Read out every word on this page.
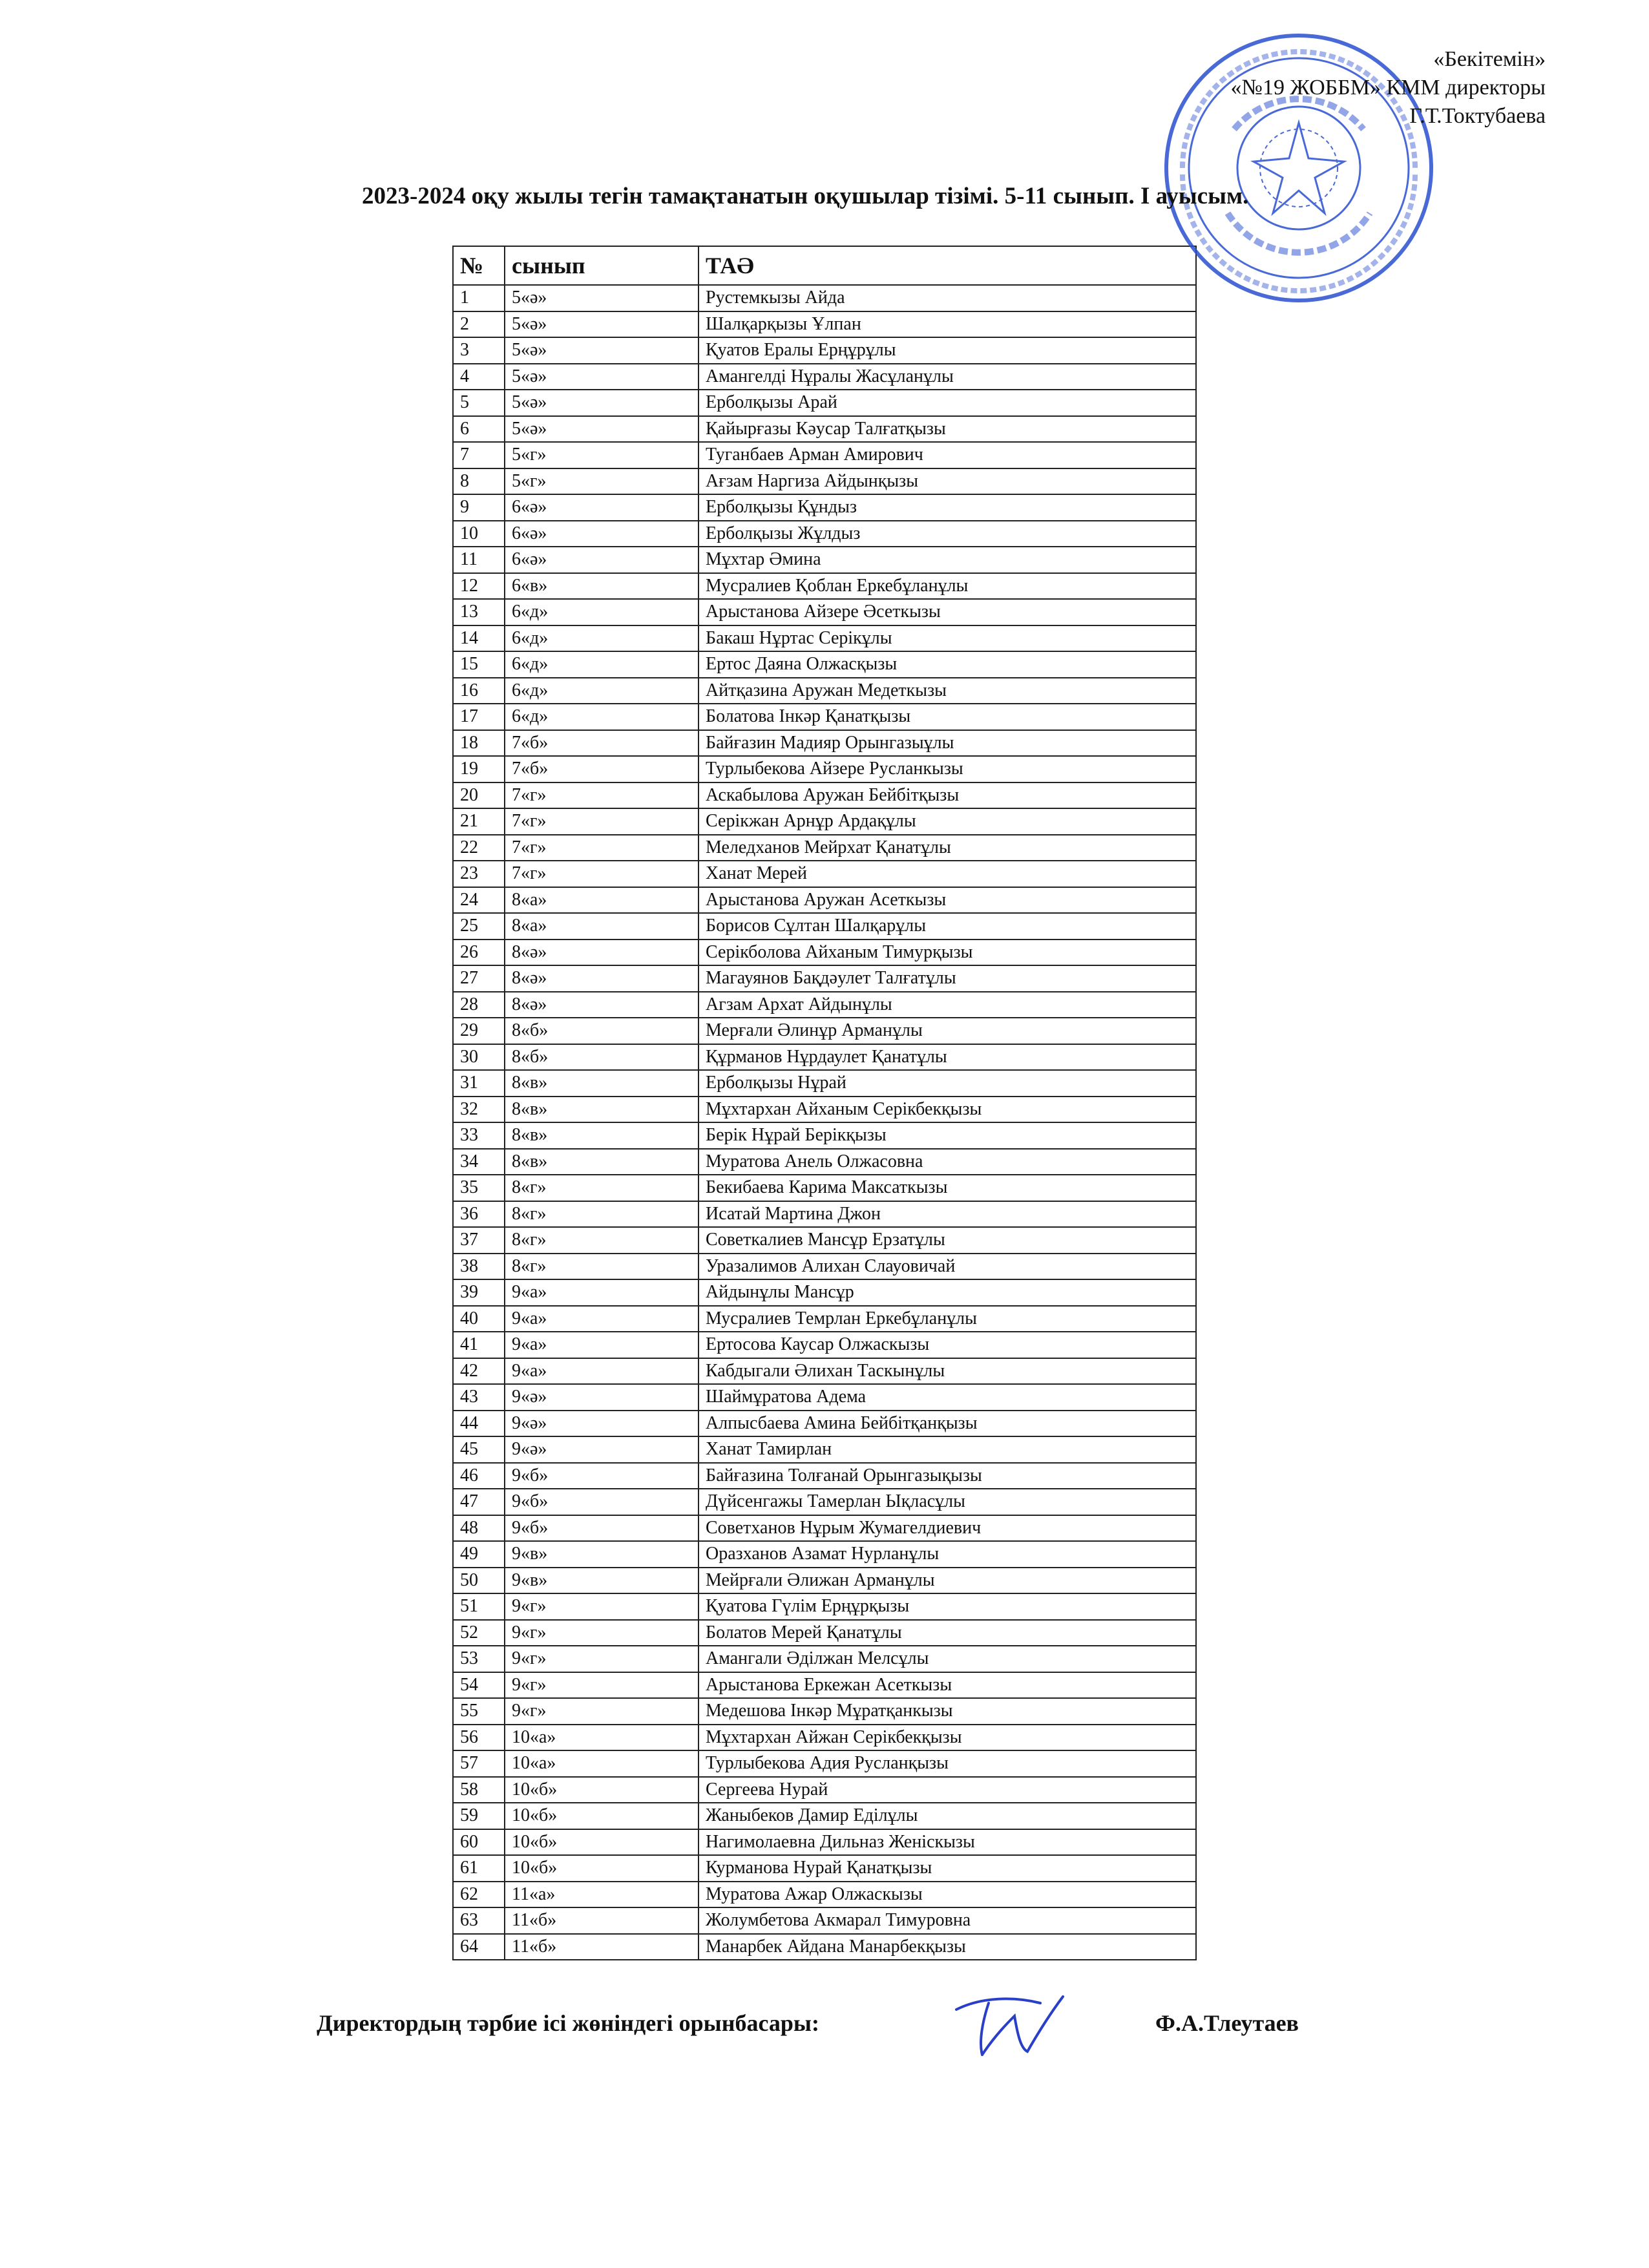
«Бекітемін»
«№19 ЖОББМ» КММ директоры
Г.Т.Токтубаева
2023-2024 оқу жылы тегін тамақтанатын оқушылар тізімі. 5-11 сынып. І ауысым.
№	сынып	ТАӘ
1	5«ә»	Рустемкызы Айда
2	5«ә»	Шалқарқызы Ұлпан
3	5«ә»	Қуатов Ералы Ерңұрұлы
4	5«ә»	Амангелді Нұралы Жасұланұлы
5	5«ә»	Ерболқызы Арай
6	5«ә»	Қайырғазы Кәусар Талғатқызы
7	5«г»	Туганбаев Арман Амирович
8	5«г»	Ағзам Наргиза Айдынқызы
9	6«ә»	Ерболқызы Құндыз
10	6«ә»	Ерболқызы Жұлдыз
11	6«ә»	Мұхтар Әмина
12	6«в»	Мусралиев Қоблан Еркебұланұлы
13	6«д»	Арыстанова Айзере Әсеткызы
14	6«д»	Бакаш Нұртас Серікұлы
15	6«д»	Ертос Даяна Олжасқызы
16	6«д»	Айтқазина Аружан Медеткызы
17	6«д»	Болатова Інкәр Қанатқызы
18	7«б»	Байғазин Мадияр Орынгазыұлы
19	7«б»	Турлыбекова Айзере Русланкызы
20	7«г»	Аскабылова Аружан Бейбітқызы
21	7«г»	Серікжан Арнұр Ардақұлы
22	7«г»	Меледханов Мейрхат Қанатұлы
23	7«г»	Ханат Мерей
24	8«а»	Арыстанова Аружан Асеткызы
25	8«а»	Борисов Сұлтан Шалқарұлы
26	8«ә»	Серікболова Айханым Тимурқызы
27	8«ә»	Магауянов Бақдәулет Талғатұлы
28	8«ә»	Агзам Архат Айдынұлы
29	8«б»	Мерғали Әлинұр Арманұлы
30	8«б»	Құрманов Нұрдаулет Қанатұлы
31	8«в»	Ерболқызы Нұрай
32	8«в»	Мұхтархан Айханым Серікбекқызы
33	8«в»	Берік Нұрай Берікқызы
34	8«в»	Муратова Анель Олжасовна
35	8«г»	Бекибаева Карима Максаткызы
36	8«г»	Исатай Мартина Джон
37	8«г»	Советкалиев Мансұр Ерзатұлы
38	8«г»	Уразалимов Алихан Слауовичай
39	9«а»	Айдынұлы Мансұр
40	9«а»	Мусралиев Темрлан Еркебұланұлы
41	9«а»	Ертосова Каусар Олжаскызы
42	9«а»	Кабдыгали Әлихан Таскынұлы
43	9«ә»	Шаймұратова Адема
44	9«ә»	Алпысбаева Амина Бейбітқанқызы
45	9«ә»	Ханат Тамирлан
46	9«б»	Байғазина Толғанай Орынгазықызы
47	9«б»	Дүйсенгажы Тамерлан Ықласұлы
48	9«б»	Советханов Нұрым Жумагелдиевич
49	9«в»	Оразханов Азамат Нурланұлы
50	9«в»	Мейрғали Әлижан Арманұлы
51	9«г»	Қуатова Гүлім Ерңұрқызы
52	9«г»	Болатов Мерей Қанатұлы
53	9«г»	Амангали Әділжан Мелсұлы
54	9«г»	Арыстанова Еркежан Асеткызы
55	9«г»	Медешова Інкәр Мұратқанкызы
56	10«а»	Мұхтархан Айжан Серікбекқызы
57	10«а»	Турлыбекова Адия Русланқызы
58	10«б»	Сергеева Нурай
59	10«б»	Жаныбеков Дамир Еділұлы
60	10«б»	Нагимолаевна Дильназ Женіскызы
61	10«б»	Курманова Нурай Қанатқызы
62	11«а»	Муратова Ажар Олжаскызы
63	11«б»	Жолумбетова Акмарал Тимуровна
64	11«б»	Манарбек Айдана Манарбекқызы
Директордың тәрбие ісі жөніндегі орынбасары:	Ф.А.Тлеутаев
